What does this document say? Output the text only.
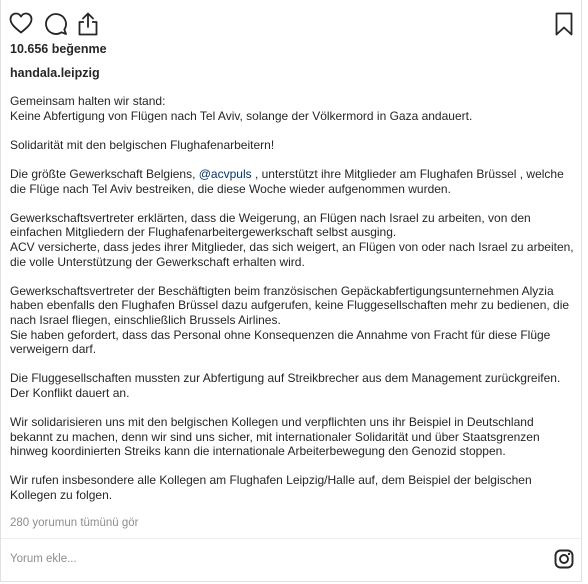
10.656 beğenme
handala.leipzig

Gemeinsam halten wir stand:
Keine Abfertigung von Flügen nach Tel Aviv, solange der Völkermord in Gaza andauert.

Solidarität mit den belgischen Flughafenarbeitern!

Die größte Gewerkschaft Belgiens, @acvpuls , unterstützt ihre Mitglieder am Flughafen Brüssel , welche die Flüge nach Tel Aviv bestreiken, die diese Woche wieder aufgenommen wurden.

Gewerkschaftsvertreter erklärten, dass die Weigerung, an Flügen nach Israel zu arbeiten, von den einfachen Mitgliedern der Flughafenarbeitergewerkschaft selbst ausging.
ACV versicherte, dass jedes ihrer Mitglieder, das sich weigert, an Flügen von oder nach Israel zu arbeiten, die volle Unterstützung der Gewerkschaft erhalten wird.

Gewerkschaftsvertreter der Beschäftigten beim französischen Gepäckabfertigungsunternehmen Alyzia haben ebenfalls den Flughafen Brüssel dazu aufgerufen, keine Fluggesellschaften mehr zu bedienen, die nach Israel fliegen, einschließlich Brussels Airlines.
Sie haben gefordert, dass das Personal ohne Konsequenzen die Annahme von Fracht für diese Flüge verweigern darf.

Die Fluggesellschaften mussten zur Abfertigung auf Streikbrecher aus dem Management zurückgreifen. Der Konflikt dauert an.

Wir solidarisieren uns mit den belgischen Kollegen und verpflichten uns ihr Beispiel in Deutschland bekannt zu machen, denn wir sind uns sicher, mit internationaler Solidarität und über Staatsgrenzen hinweg koordinierten Streiks kann die internationale Arbeiterbewegung den Genozid stoppen.

Wir rufen insbesondere alle Kollegen am Flughafen Leipzig/Halle auf, dem Beispiel der belgischen Kollegen zu folgen.

280 yorumun tümünü gör
Yorum ekle...
